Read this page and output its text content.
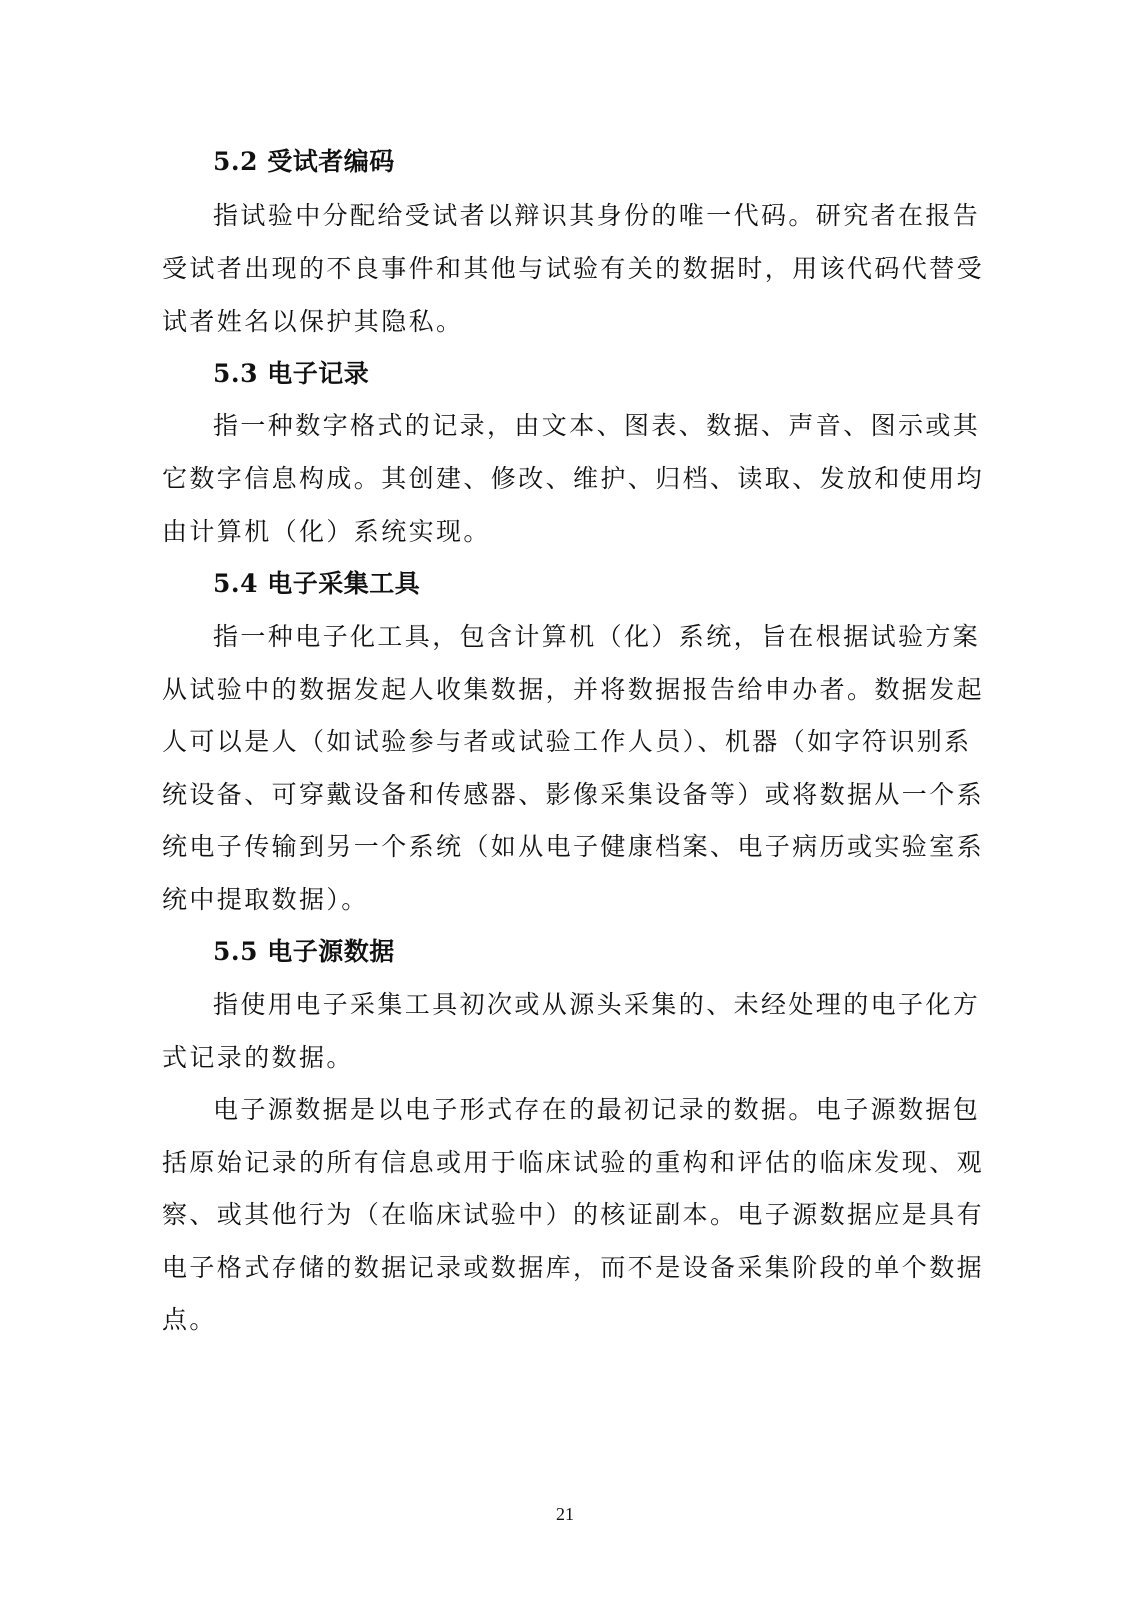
5.2 受试者编码
指试验中分配给受试者以辩识其身份的唯一代码。研究者在报告
受试者出现的不良事件和其他与试验有关的数据时，用该代码代替受
试者姓名以保护其隐私。
5.3 电子记录
指一种数字格式的记录，由文本、图表、数据、声音、图示或其
它数字信息构成。其创建、修改、维护、归档、读取、发放和使用均
由计算机（化）系统实现。
5.4 电子采集工具
指一种电子化工具，包含计算机（化）系统，旨在根据试验方案
从试验中的数据发起人收集数据，并将数据报告给申办者。数据发起
人可以是人（如试验参与者或试验工作人员）、机器（如字符识别系
统设备、可穿戴设备和传感器、影像采集设备等）或将数据从一个系
统电子传输到另一个系统（如从电子健康档案、电子病历或实验室系
统中提取数据）。
5.5 电子源数据
指使用电子采集工具初次或从源头采集的、未经处理的电子化方
式记录的数据。
电子源数据是以电子形式存在的最初记录的数据。电子源数据包
括原始记录的所有信息或用于临床试验的重构和评估的临床发现、观
察、或其他行为（在临床试验中）的核证副本。电子源数据应是具有
电子格式存储的数据记录或数据库，而不是设备采集阶段的单个数据
点。
21
